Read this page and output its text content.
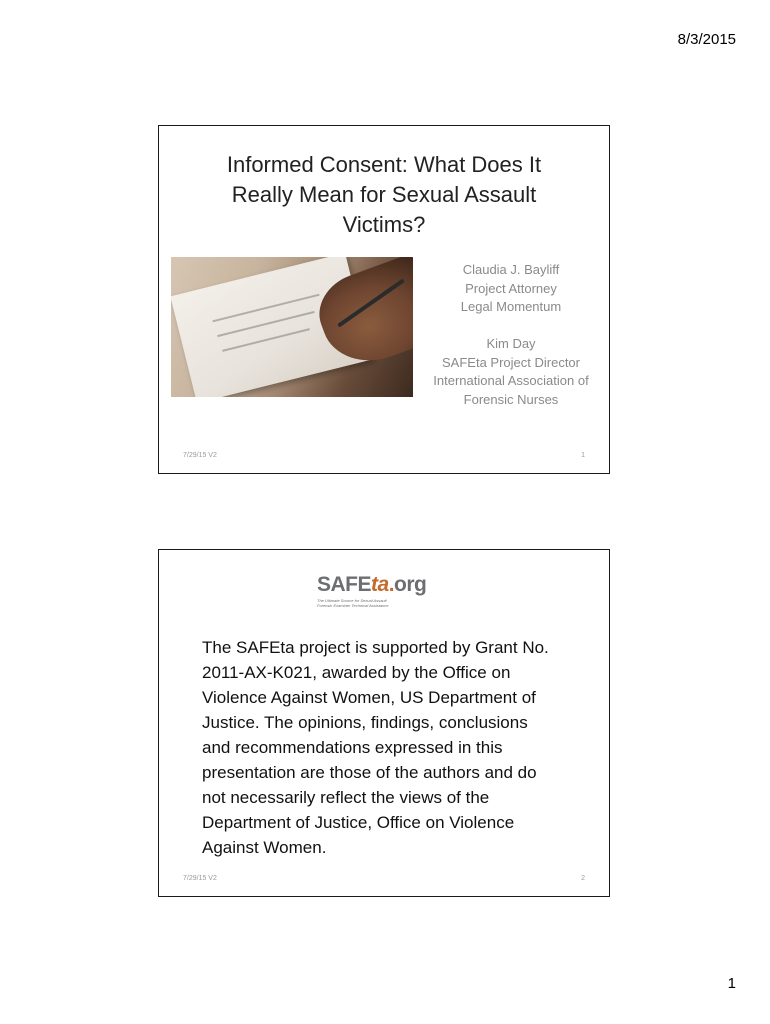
8/3/2015
Informed Consent: What Does It
Really Mean for Sexual Assault
Victims?
Claudia J. Bayliff
Project Attorney
Legal Momentum
Kim Day
SAFEta Project Director
International Association of
Forensic Nurses
7/29/15 V2	1
SAFEta.org
The Ultimate Source for Sexual Assault
Forensic Examiner Technical Assistance
The SAFEta project is supported by Grant No.
2011-AX-K021, awarded by the Office on
Violence Against Women, US Department of
Justice. The opinions, findings, conclusions
and recommendations expressed in this
presentation are those of the authors and do
not necessarily reflect the views of the
Department of Justice, Office on Violence
Against Women.
7/29/15 V2	2
1
